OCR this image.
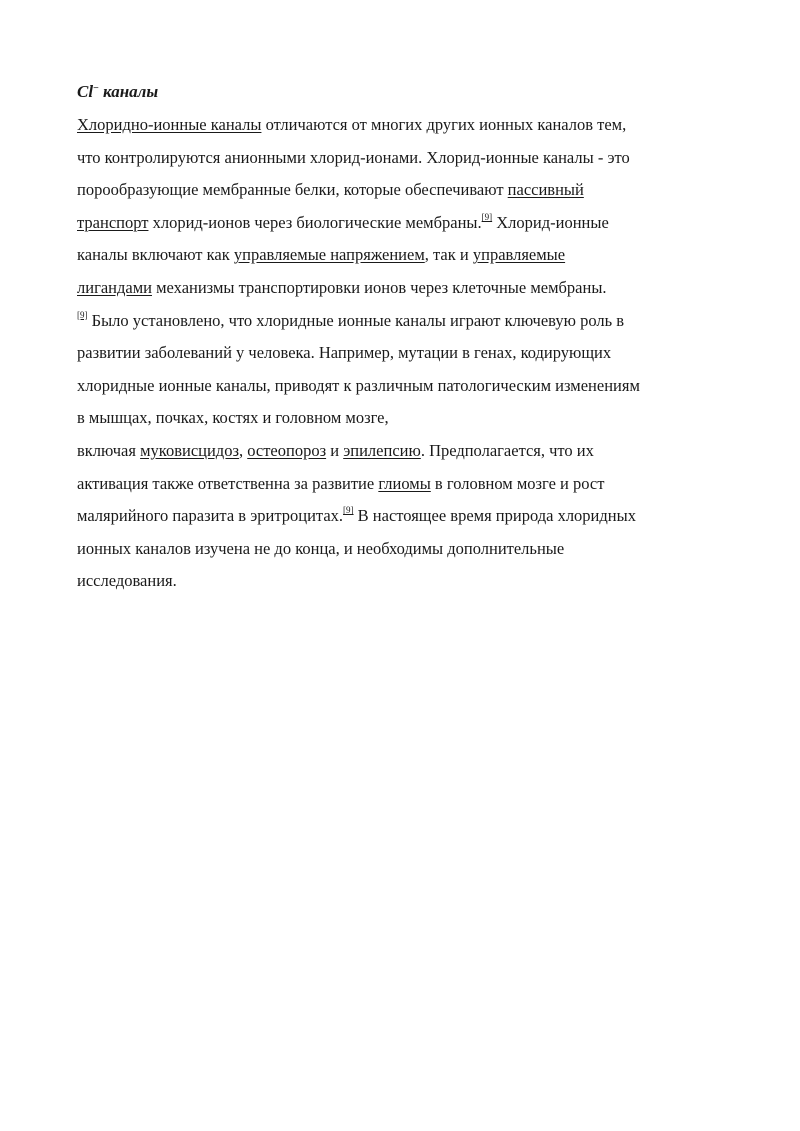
Cl− каналы

Хлоридно-ионные каналы отличаются от многих других ионных каналов тем,
что контролируются анионными хлорид-ионами. Хлорид-ионные каналы - это
порообразующие мембранные белки, которые обеспечивают пассивный
транспорт хлорид-ионов через биологические мембраны.[9] Хлорид-ионные
каналы включают как управляемые напряжением, так и управляемые
лигандами механизмы транспортировки ионов через клеточные мембраны.
[9] Было установлено, что хлоридные ионные каналы играют ключевую роль в
развитии заболеваний у человека. Например, мутации в генах, кодирующих
хлоридные ионные каналы, приводят к различным патологическим изменениям
в мышцах, почках, костях и головном мозге,
включая муковисцидоз, остеопороз и эпилепсию. Предполагается, что их
активация также ответственна за развитие глиомы в головном мозге и рост
малярийного паразита в эритроцитах.[9] В настоящее время природа хлоридных
ионных каналов изучена не до конца, и необходимы дополнительные
исследования.
